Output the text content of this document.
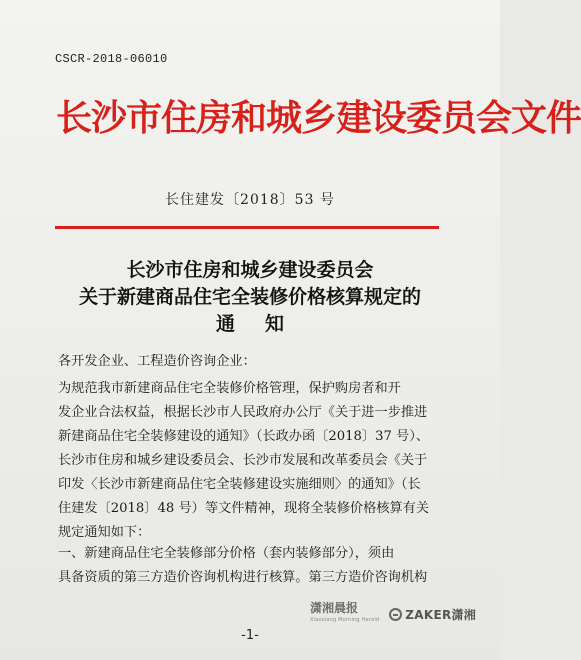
CSCR-2018-06010
长沙市住房和城乡建设委员会文件
长住建发〔2018〕53 号
长沙市住房和城乡建设委员会
关于新建商品住宅全装修价格核算规定的
通知
各开发企业、工程造价咨询企业：
为规范我市新建商品住宅全装修价格管理，保护购房者和开
发企业合法权益，根据长沙市人民政府办公厅《关于进一步推进
新建商品住宅全装修建设的通知》（长政办函〔2018〕37 号）、
长沙市住房和城乡建设委员会、长沙市发展和改革委员会《关于
印发〈长沙市新建商品住宅全装修建设实施细则〉的通知》（长
住建发〔2018〕48 号）等文件精神，现将全装修价格核算有关
规定通知如下：
一、新建商品住宅全装修部分价格（套内装修部分），须由
具备资质的第三方造价咨询机构进行核算。第三方造价咨询机构
潇湘晨报
Xiaoxiang Morning Herald ZAKER潇湘
-1-
